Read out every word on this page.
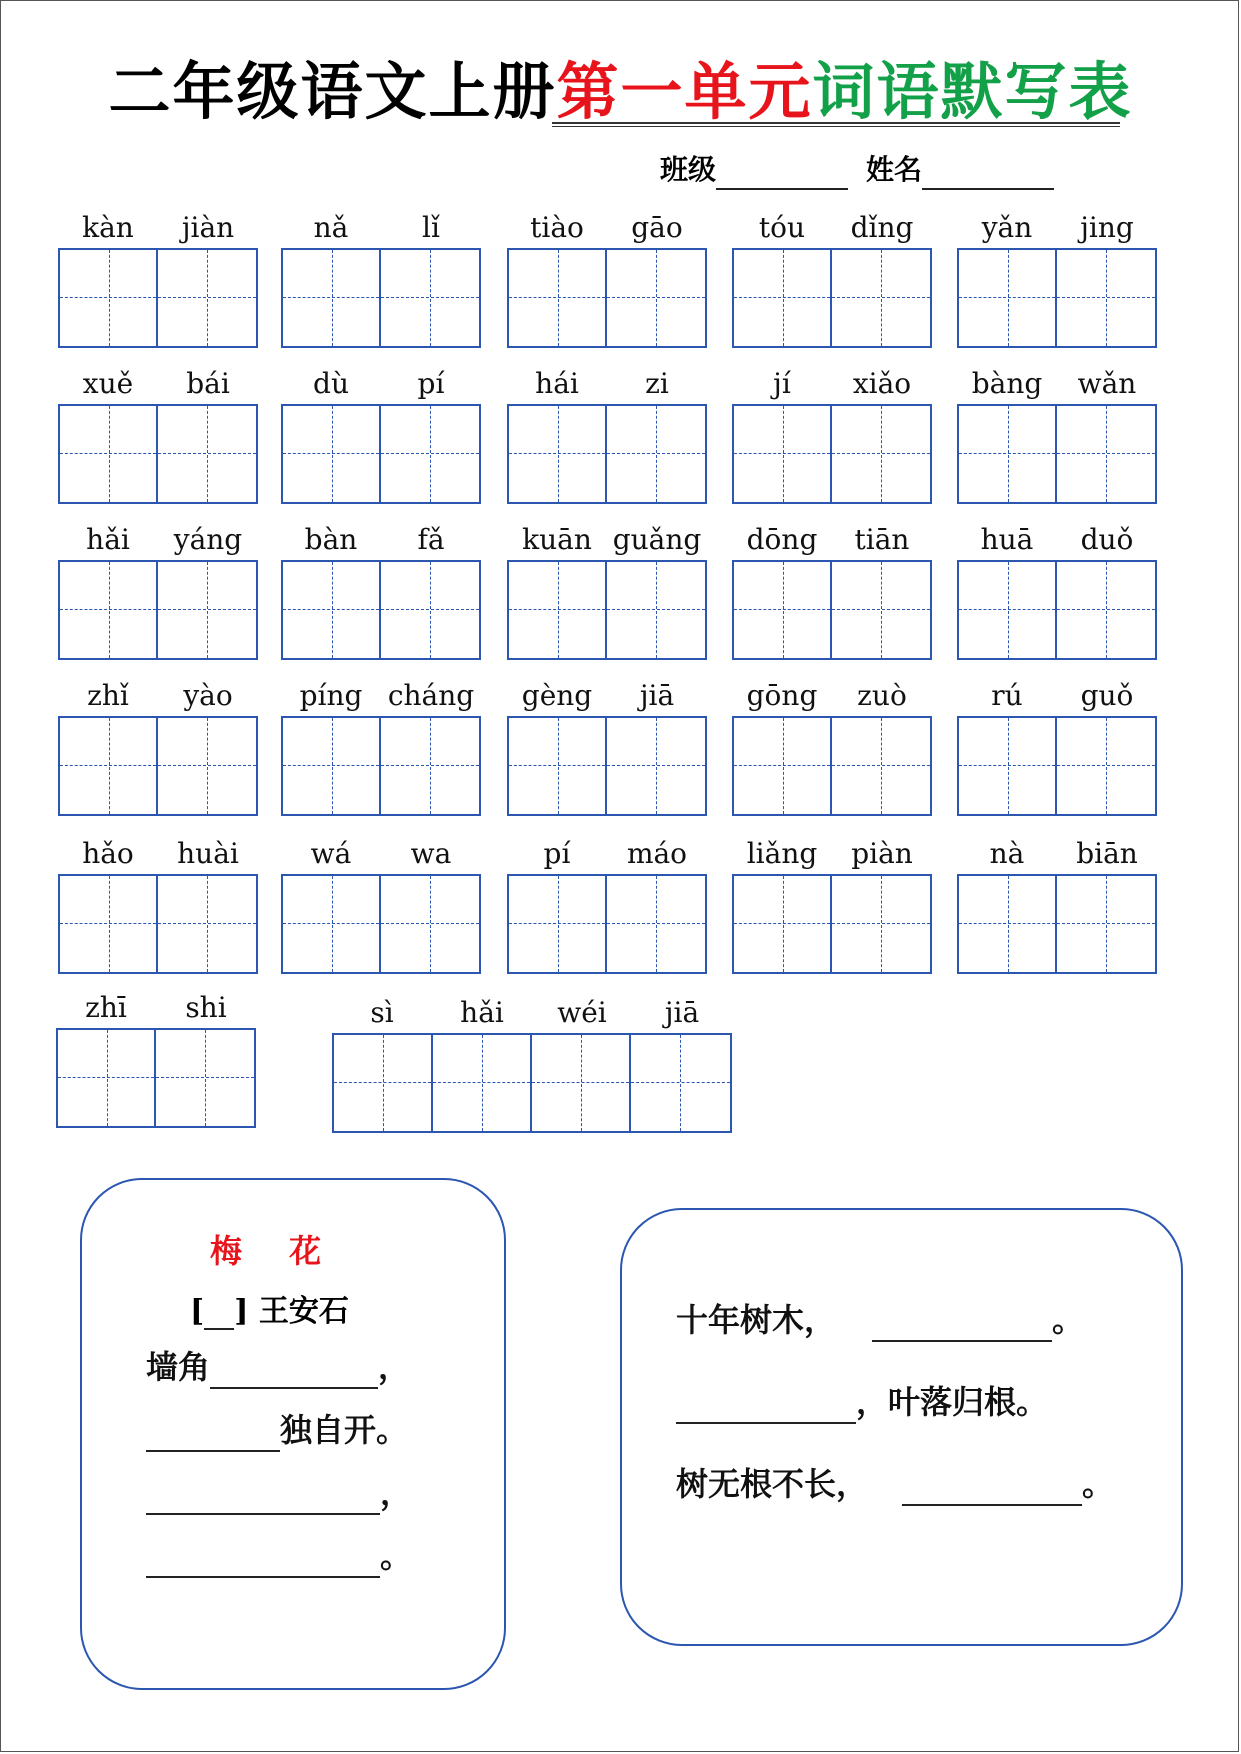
二年级语文上册第一单元词语默写表
班级	姓名
kàn	jiàn	nǎ	lǐ	tiào	gāo	tóu	dǐng	yǎn	jing
xuě	bái	dù	pí	hái	zi	jí	xiǎo	bàng	wǎn
hǎi	yáng	bàn	fǎ	kuān guǎng	dōng	tiān	huā	duǒ
zhǐ	yào	píng cháng	gèng	jiā	gōng	zuò	rú	guǒ
hǎo	huài	wá	wa	pí	máo	liǎng	piàn	nà	biān
zhī	shi	sì	hǎi	wéi	jiā
梅 花
[ ] 王安石
墙角	，
独自开。
，
。
十年树木，	。
，叶落归根。
树无根不长，	。
